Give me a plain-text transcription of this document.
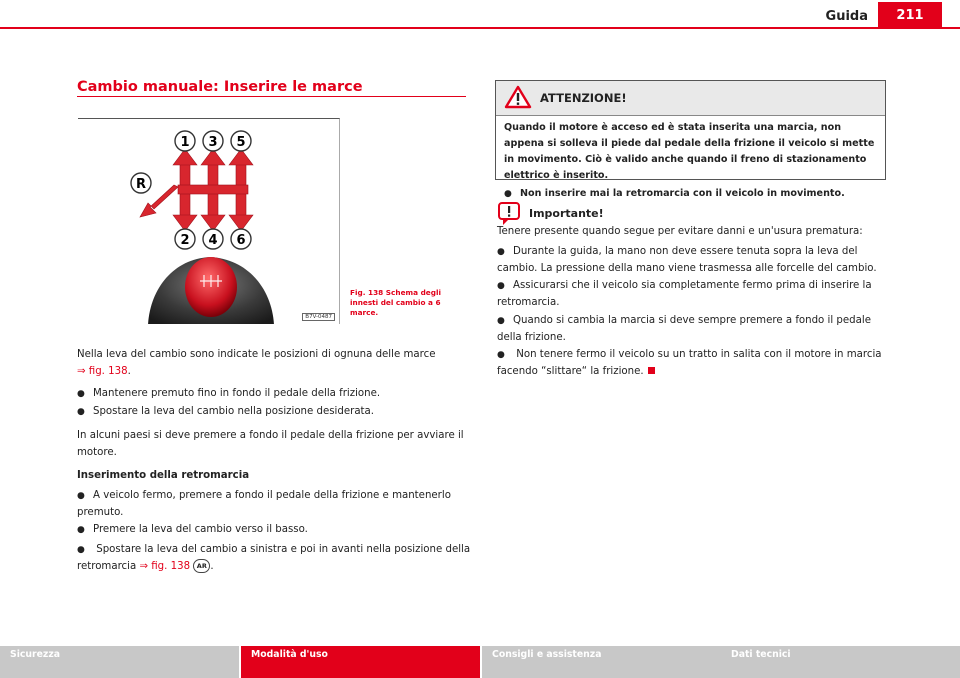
Guida	211
Cambio manuale: Inserire le marce
1 3 5
2 4 6
R
B7V-0487
Fig. 138 Schema degli innesti del cambio a 6 marce.
Nella leva del cambio sono indicate le posizioni di ognuna delle marce
⇒ fig. 138.
● Mantenere premuto fino in fondo il pedale della frizione.
● Spostare la leva del cambio nella posizione desiderata.
In alcuni paesi si deve premere a fondo il pedale della frizione per avviare il motore.
Inserimento della retromarcia
● A veicolo fermo, premere a fondo il pedale della frizione e mantenerlo premuto.
● Premere la leva del cambio verso il basso.
● Spostare la leva del cambio a sinistra e poi in avanti nella posizione della retromarcia ⇒ fig. 138 AR .
ATTENZIONE!
Quando il motore è acceso ed è stata inserita una marcia, non appena si solleva il piede dal pedale della frizione il veicolo si mette in movimento. Ciò è valido anche quando il freno di stazionamento elettrico è inserito.
● Non inserire mai la retromarcia con il veicolo in movimento.
Importante!
Tenere presente quando segue per evitare danni e un'usura prematura:
● Durante la guida, la mano non deve essere tenuta sopra la leva del cambio. La pressione della mano viene trasmessa alle forcelle del cambio.
● Assicurarsi che il veicolo sia completamente fermo prima di inserire la retromarcia.
● Quando si cambia la marcia si deve sempre premere a fondo il pedale della frizione.
● Non tenere fermo il veicolo su un tratto in salita con il motore in marcia facendo “slittare“ la frizione.
Sicurezza	Modalità d'uso	Consigli e assistenza	Dati tecnici
